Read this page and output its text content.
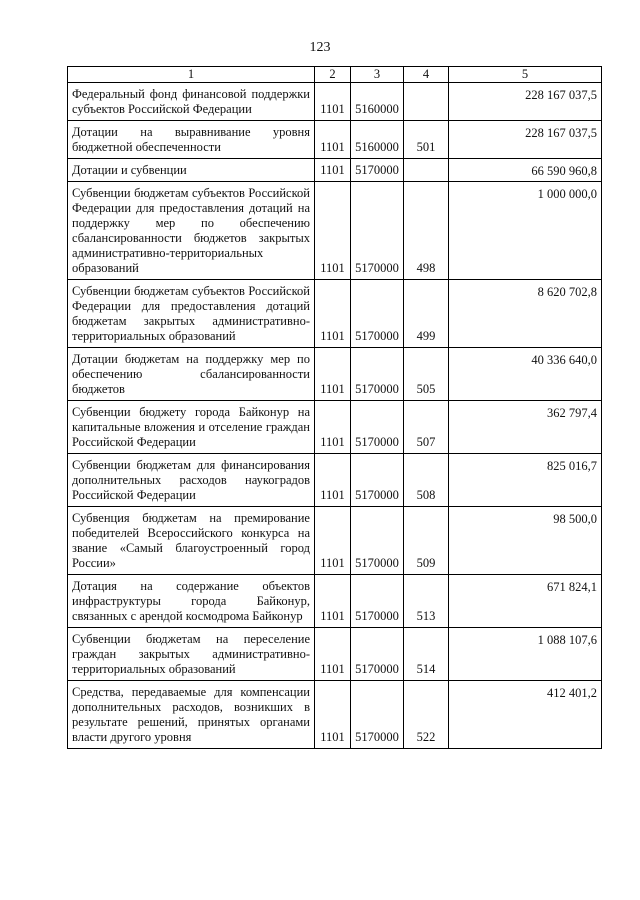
123
1	2	3	4	5
Федеральный фонд финансовой поддержки субъектов Российской Федерации	1101	5160000		228 167 037,5
Дотации на выравнивание уровня бюджетной обеспеченности	1101	5160000	501	228 167 037,5
Дотации и субвенции	1101	5170000		66 590 960,8
Субвенции бюджетам субъектов Российской Федерации для предоставления дотаций на поддержку мер по обеспечению сбалансированности бюджетов закрытых административно-территориальных образований	1101	5170000	498	1 000 000,0
Субвенции бюджетам субъектов Российской Федерации для предоставления дотаций бюджетам закрытых административно-территориальных образований	1101	5170000	499	8 620 702,8
Дотации бюджетам на поддержку мер по обеспечению сбалансированности бюджетов	1101	5170000	505	40 336 640,0
Субвенции бюджету города Байконур на капитальные вложения и отселение граждан Российской Федерации	1101	5170000	507	362 797,4
Субвенции бюджетам для финансирования дополнительных расходов наукоградов Российской Федерации	1101	5170000	508	825 016,7
Субвенция бюджетам на премирование победителей Всероссийского конкурса на звание «Самый благоустроенный город России»	1101	5170000	509	98 500,0
Дотация на содержание объектов инфраструктуры города Байконур, связанных с арендой космодрома Байконур	1101	5170000	513	671 824,1
Субвенции бюджетам на переселение граждан закрытых административно-территориальных образований	1101	5170000	514	1 088 107,6
Средства, передаваемые для компенсации дополнительных расходов, возникших в результате решений, принятых органами власти другого уровня	1101	5170000	522	412 401,2
